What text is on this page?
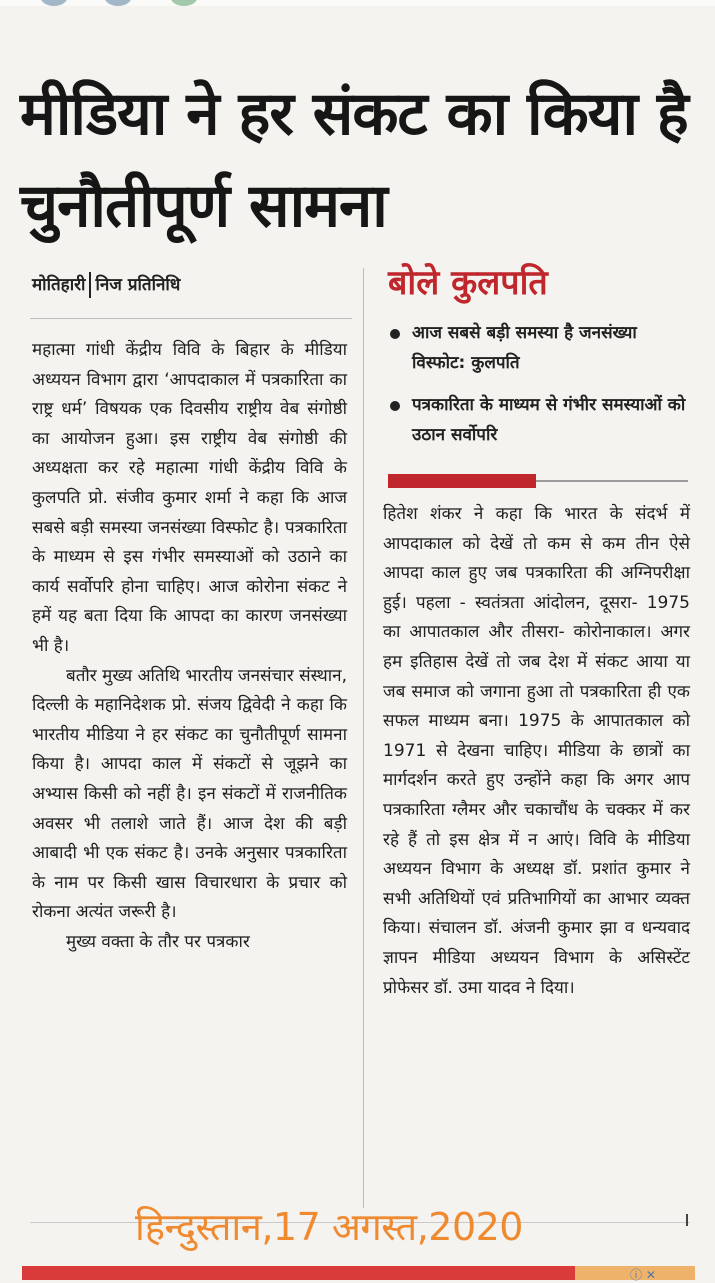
मीडिया ने हर संकट का किया है चुनौतीपूर्ण सामना
मोतिहारी निज प्रतिनिधि

महात्मा गांधी केंद्रीय विवि के बिहार के मीडिया अध्ययन विभाग द्वारा ‘आपदाकाल में पत्रकारिता का राष्ट्र धर्म’ विषयक एक दिवसीय राष्ट्रीय वेब संगोष्ठी का आयोजन हुआ। इस राष्ट्रीय वेब संगोष्ठी की अध्यक्षता कर रहे महात्मा गांधी केंद्रीय विवि के कुलपति प्रो. संजीव कुमार शर्मा ने कहा कि आज सबसे बड़ी समस्या जनसंख्या विस्फोट है। पत्रकारिता के माध्यम से इस गंभीर समस्याओं को उठाने का कार्य सर्वोपरि होना चाहिए। आज कोरोना संकट ने हमें यह बता दिया कि आपदा का कारण जनसंख्या भी है।

बतौर मुख्य अतिथि भारतीय जनसंचार संस्थान, दिल्ली के महानिदेशक प्रो. संजय द्विवेदी ने कहा कि भारतीय मीडिया ने हर संकट का चुनौतीपूर्ण सामना किया है। आपदा काल में संकटों से जूझने का अभ्यास किसी को नहीं है। इन संकटों में राजनीतिक अवसर भी तलाशे जाते हैं। आज देश की बड़ी आबादी भी एक संकट है। उनके अनुसार पत्रकारिता के नाम पर किसी खास विचारधारा के प्रचार को रोकना अत्यंत जरूरी है।

मुख्य वक्ता के तौर पर पत्रकार

बोले कुलपति
आज सबसे बड़ी समस्या है जनसंख्या विस्फोट: कुलपति
पत्रकारिता के माध्यम से गंभीर समस्याओं को उठान सर्वोपरि

हितेश शंकर ने कहा कि भारत के संदर्भ में आपदाकाल को देखें तो कम से कम तीन ऐसे आपदा काल हुए जब पत्रकारिता की अग्निपरीक्षा हुई। पहला - स्वतंत्रता आंदोलन, दूसरा- 1975 का आपातकाल और तीसरा- कोरोनाकाल। अगर हम इतिहास देखें तो जब देश में संकट आया या जब समाज को जगाना हुआ तो पत्रकारिता ही एक सफल माध्यम बना। 1975 के आपातकाल को 1971 से देखना चाहिए। मीडिया के छात्रों का मार्गदर्शन करते हुए उन्होंने कहा कि अगर आप पत्रकारिता ग्लैमर और चकाचौंध के चक्कर में कर रहे हैं तो इस क्षेत्र में न आएं। विवि के मीडिया अध्ययन विभाग के अध्यक्ष डॉ. प्रशांत कुमार ने सभी अतिथियों एवं प्रतिभागियों का आभार व्यक्त किया। संचालन डॉ. अंजनी कुमार झा व धन्यवाद ज्ञापन मीडिया अध्ययन विभाग के असिस्टेंट प्रोफेसर डॉ. उमा यादव ने दिया।

हिन्दुस्तान,17 अगस्त,2020
ⓘ ✕
